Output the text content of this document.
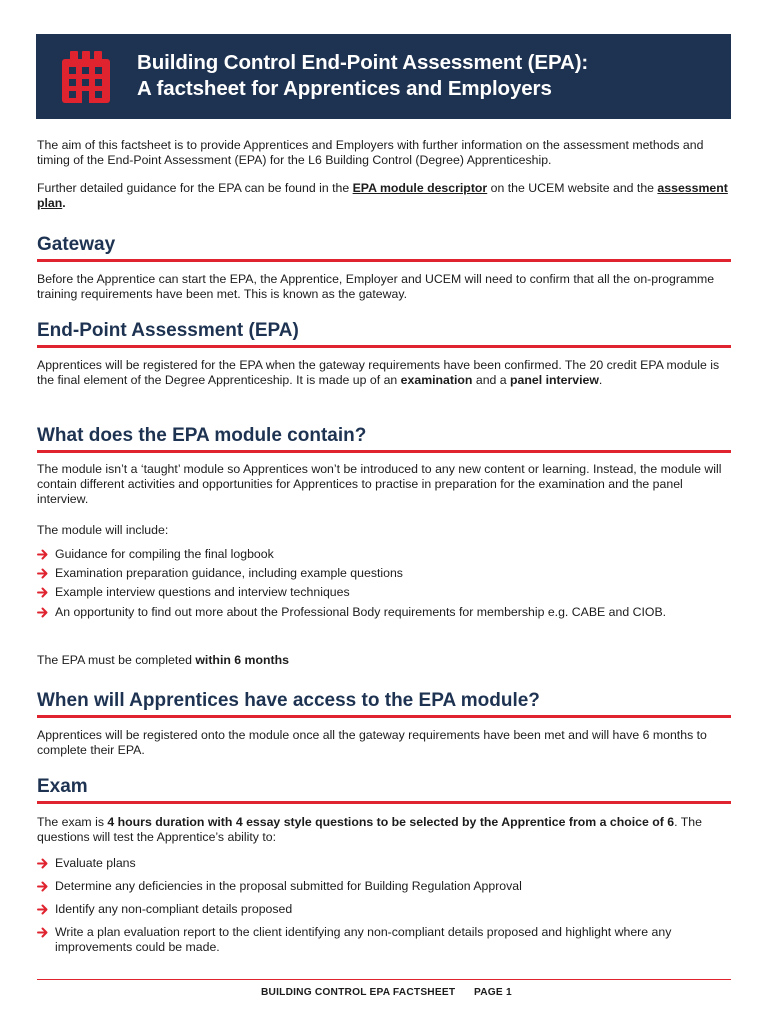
Building Control End-Point Assessment (EPA):
A factsheet for Apprentices and Employers

The aim of this factsheet is to provide Apprentices and Employers with further information on the assessment methods and timing of the End-Point Assessment (EPA) for the L6 Building Control (Degree) Apprenticeship.

Further detailed guidance for the EPA can be found in the EPA module descriptor on the UCEM website and the assessment plan.

Gateway

Before the Apprentice can start the EPA, the Apprentice, Employer and UCEM will need to confirm that all the on-programme training requirements have been met. This is known as the gateway.

End-Point Assessment (EPA)

Apprentices will be registered for the EPA when the gateway requirements have been confirmed. The 20 credit EPA module is the final element of the Degree Apprenticeship. It is made up of an examination and a panel interview.

What does the EPA module contain?

The module isn’t a ‘taught’ module so Apprentices won’t be introduced to any new content or learning. Instead, the module will contain different activities and opportunities for Apprentices to practise in preparation for the examination and the panel interview.

The module will include:

Guidance for compiling the final logbook
Examination preparation guidance, including example questions
Example interview questions and interview techniques
An opportunity to find out more about the Professional Body requirements for membership e.g. CABE and CIOB.

The EPA must be completed within 6 months

When will Apprentices have access to the EPA module?

Apprentices will be registered onto the module once all the gateway requirements have been met and will have 6 months to complete their EPA.

Exam

The exam is 4 hours duration with 4 essay style questions to be selected by the Apprentice from a choice of 6. The questions will test the Apprentice’s ability to:

Evaluate plans
Determine any deficiencies in the proposal submitted for Building Regulation Approval
Identify any non-compliant details proposed
Write a plan evaluation report to the client identifying any non-compliant details proposed and highlight where any improvements could be made.
BUILDING CONTROL EPA FACTSHEET PAGE 1
